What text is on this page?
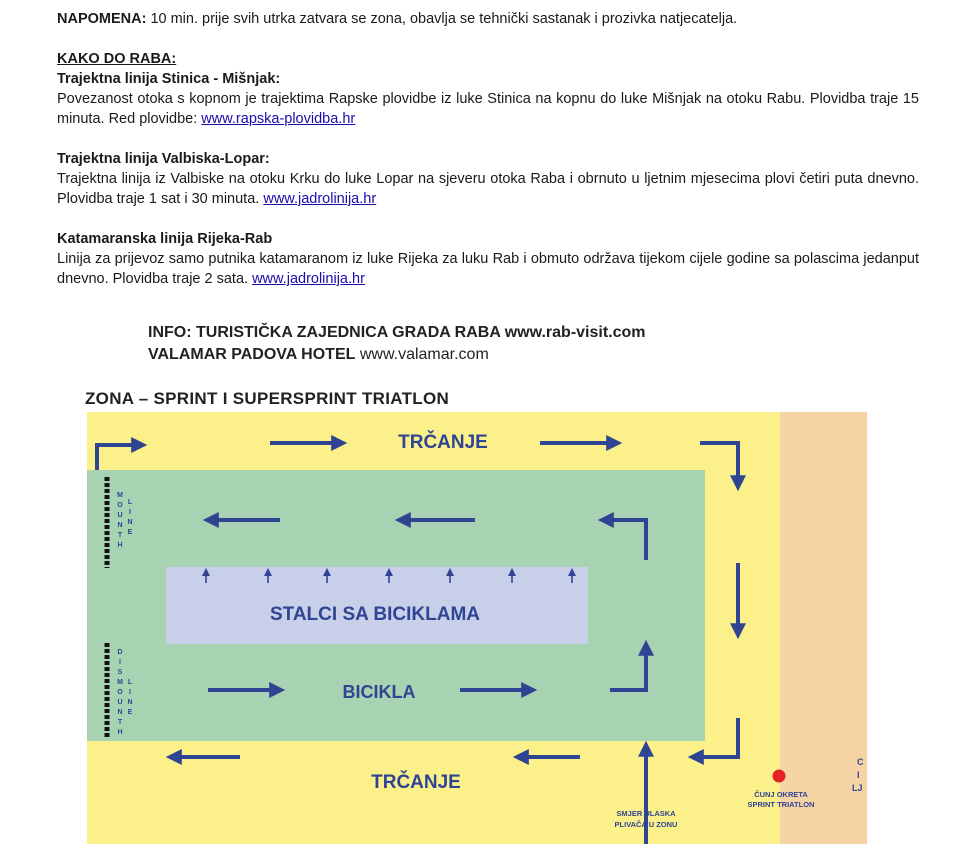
NAPOMENA: 10 min. prije svih utrka zatvara se zona, obavlja se tehnički sastanak i prozivka natjecatelja.

KAKO DO RABA:

Trajektna linija Stinica - Mišnjak:

Povezanost otoka s kopnom je trajektima Rapske plovidbe iz luke Stinica na kopnu do luke Mišnjak na otoku Rabu. Plovidba traje 15 minuta. Red plovidbe: www.rapska-plovidba.hr

Trajektna linija Valbiska-Lopar:

Trajektna linija iz Valbiske na otoku Krku do luke Lopar na sjeveru otoka Raba i obrnuto u ljetnim mjesecima plovi četiri puta dnevno. Plovidba traje 1 sat i 30 minuta. www.jadrolinija.hr

Katamaranska linija Rijeka-Rab

Linija za prijevoz samo putnika katamaranom iz luke Rijeka za luku Rab i obmuto održava tijekom cijele godine sa polascima jedanput dnevno. Plovidba traje 2 sata. www.jadrolinija.hr

INFO: TURISTIČKA ZAJEDNICA GRADA RABA www.rab-visit.com
VALAMAR PADOVA HOTEL www.valamar.com
ZONA – SPRINT I SUPERSPRINT TRIATLON
TRČANJE
TRČANJE
STALCI SA BICIKLAMA
BICIKLA
M O U N T H
L I N E
D I S M O U N T H
L I N E
ČUNJ OKRETA
SPRINT TRIATLON
SMJER ULASKA
PLIVAČA U ZONU
C I LJ
